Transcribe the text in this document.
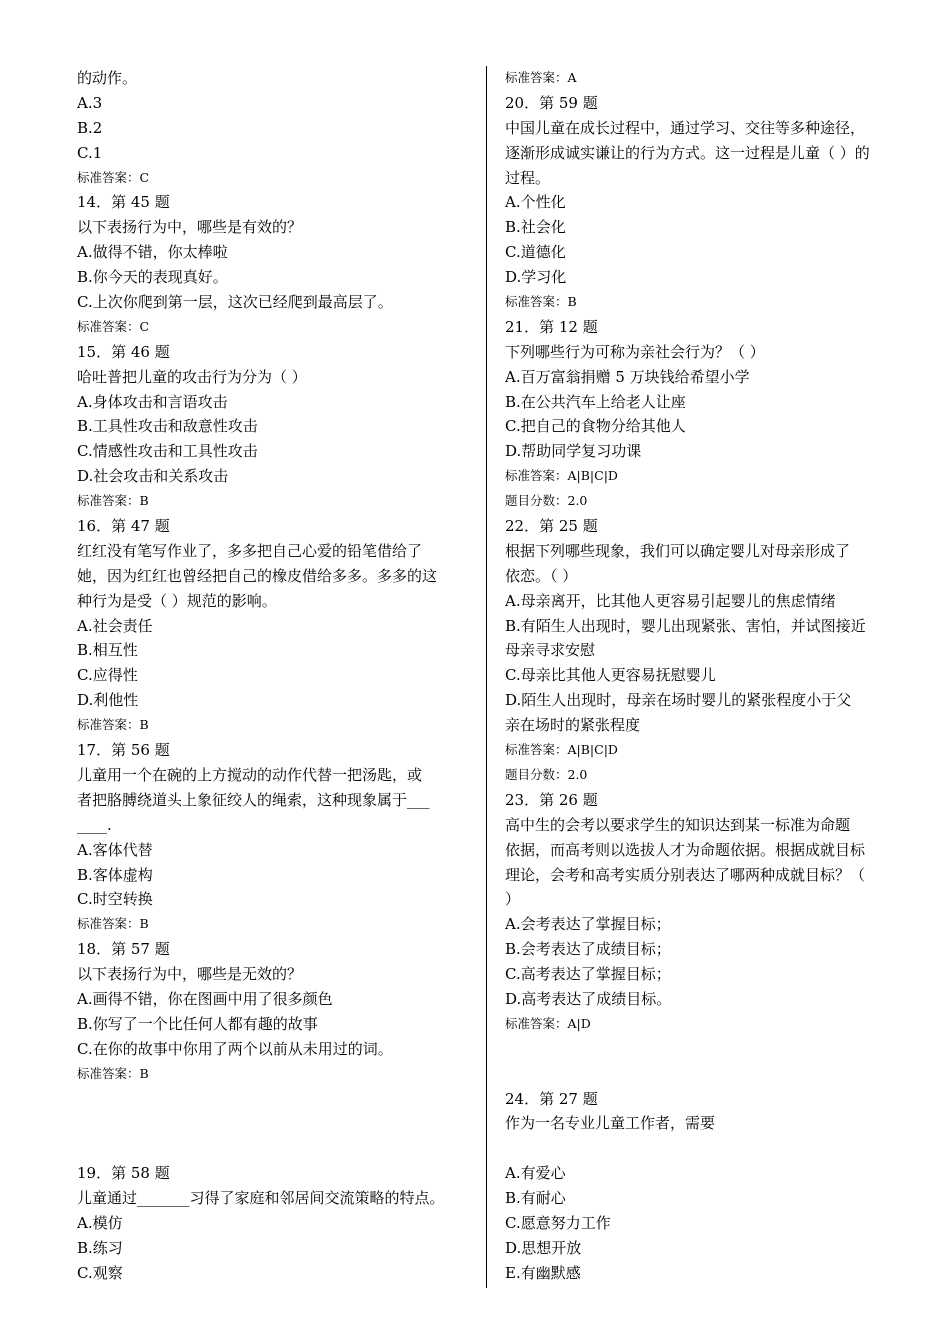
的动作。
A.3
B.2
C.1
标准答案：C
14．第 45 题
以下表扬行为中，哪些是有效的？
A.做得不错，你太棒啦
B.你今天的表现真好。
C.上次你爬到第一层，这次已经爬到最高层了。
标准答案：C
15．第 46 题
哈吐普把儿童的攻击行为分为（ ）
A.身体攻击和言语攻击
B.工具性攻击和敌意性攻击
C.情感性攻击和工具性攻击
D.社会攻击和关系攻击
标准答案：B
16．第 47 题
红红没有笔写作业了，多多把自己心爱的铅笔借给了
她，因为红红也曾经把自己的橡皮借给多多。多多的这
种行为是受（ ）规范的影响。
A.社会责任
B.相互性
C.应得性
D.利他性
标准答案：B
17．第 56 题
儿童用一个在碗的上方搅动的动作代替一把汤匙，或
者把胳膊绕道头上象征绞人的绳索，这种现象属于___
____.
A.客体代替
B.客体虚构
C.时空转换
标准答案：B
18．第 57 题
以下表扬行为中，哪些是无效的？
A.画得不错，你在图画中用了很多颜色
B.你写了一个比任何人都有趣的故事
C.在你的故事中你用了两个以前从未用过的词。
标准答案：B
19．第 58 题
儿童通过_______习得了家庭和邻居间交流策略的特点。
A.模仿
B.练习
C.观察
标准答案：A
20．第 59 题
中国儿童在成长过程中，通过学习、交往等多种途径，
逐渐形成诚实谦让的行为方式。这一过程是儿童（ ）的
过程。
A.个性化
B.社会化
C.道德化
D.学习化
标准答案：B
21．第 12 题
下列哪些行为可称为亲社会行为？（ ）
A.百万富翁捐赠 5 万块钱给希望小学
B.在公共汽车上给老人让座
C.把自己的食物分给其他人
D.帮助同学复习功课
标准答案：A|B|C|D
题目分数：2.0
22．第 25 题
根据下列哪些现象，我们可以确定婴儿对母亲形成了
依恋。（ ）
A.母亲离开，比其他人更容易引起婴儿的焦虑情绪
B.有陌生人出现时，婴儿出现紧张、害怕，并试图接近
母亲寻求安慰
C.母亲比其他人更容易抚慰婴儿
D.陌生人出现时，母亲在场时婴儿的紧张程度小于父
亲在场时的紧张程度
标准答案：A|B|C|D
题目分数：2.0
23．第 26 题
高中生的会考以要求学生的知识达到某一标准为命题
依据，而高考则以选拔人才为命题依据。根据成就目标
理论，会考和高考实质分别表达了哪两种成就目标？（
）
A.会考表达了掌握目标；
B.会考表达了成绩目标；
C.高考表达了掌握目标；
D.高考表达了成绩目标。
标准答案：A|D
24．第 27 题
作为一名专业儿童工作者，需要
A.有爱心
B.有耐心
C.愿意努力工作
D.思想开放
E.有幽默感
